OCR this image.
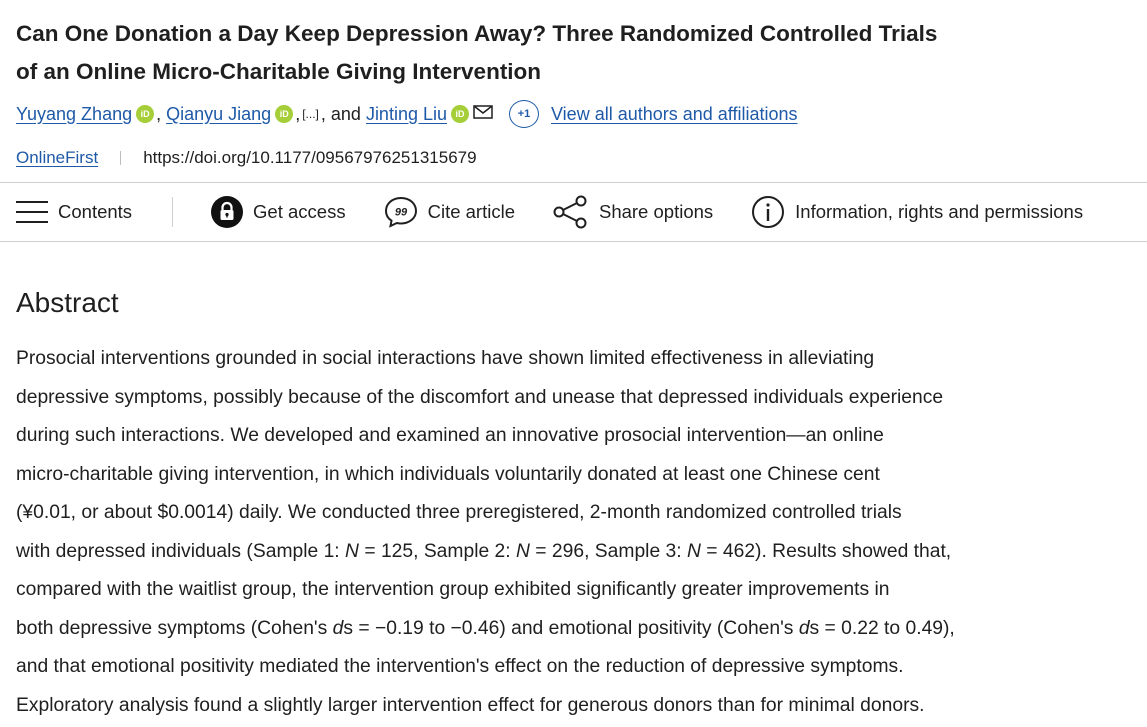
Can One Donation a Day Keep Depression Away? Three Randomized Controlled Trials
of an Online Micro-Charitable Giving Intervention
Yuyang Zhang iD , Qianyu Jiang iD , [...] , and Jinting Liu iD	+1	View all authors and affiliations
OnlineFirst	https://doi.org/10.1177/09567976251315679
Contents	Get access	99 Cite article	Share options	Information, rights and permissions
Abstract
Prosocial interventions grounded in social interactions have shown limited effectiveness in alleviating
depressive symptoms, possibly because of the discomfort and unease that depressed individuals experience
during such interactions. We developed and examined an innovative prosocial intervention—an online
micro-charitable giving intervention, in which individuals voluntarily donated at least one Chinese cent
(¥0.01, or about $0.0014) daily. We conducted three preregistered, 2-month randomized controlled trials
with depressed individuals (Sample 1: N = 125, Sample 2: N = 296, Sample 3: N = 462). Results showed that,
compared with the waitlist group, the intervention group exhibited significantly greater improvements in
both depressive symptoms (Cohen's ds = −0.19 to −0.46) and emotional positivity (Cohen's ds = 0.22 to 0.49),
and that emotional positivity mediated the intervention's effect on the reduction of depressive symptoms.
Exploratory analysis found a slightly larger intervention effect for generous donors than for minimal donors.
